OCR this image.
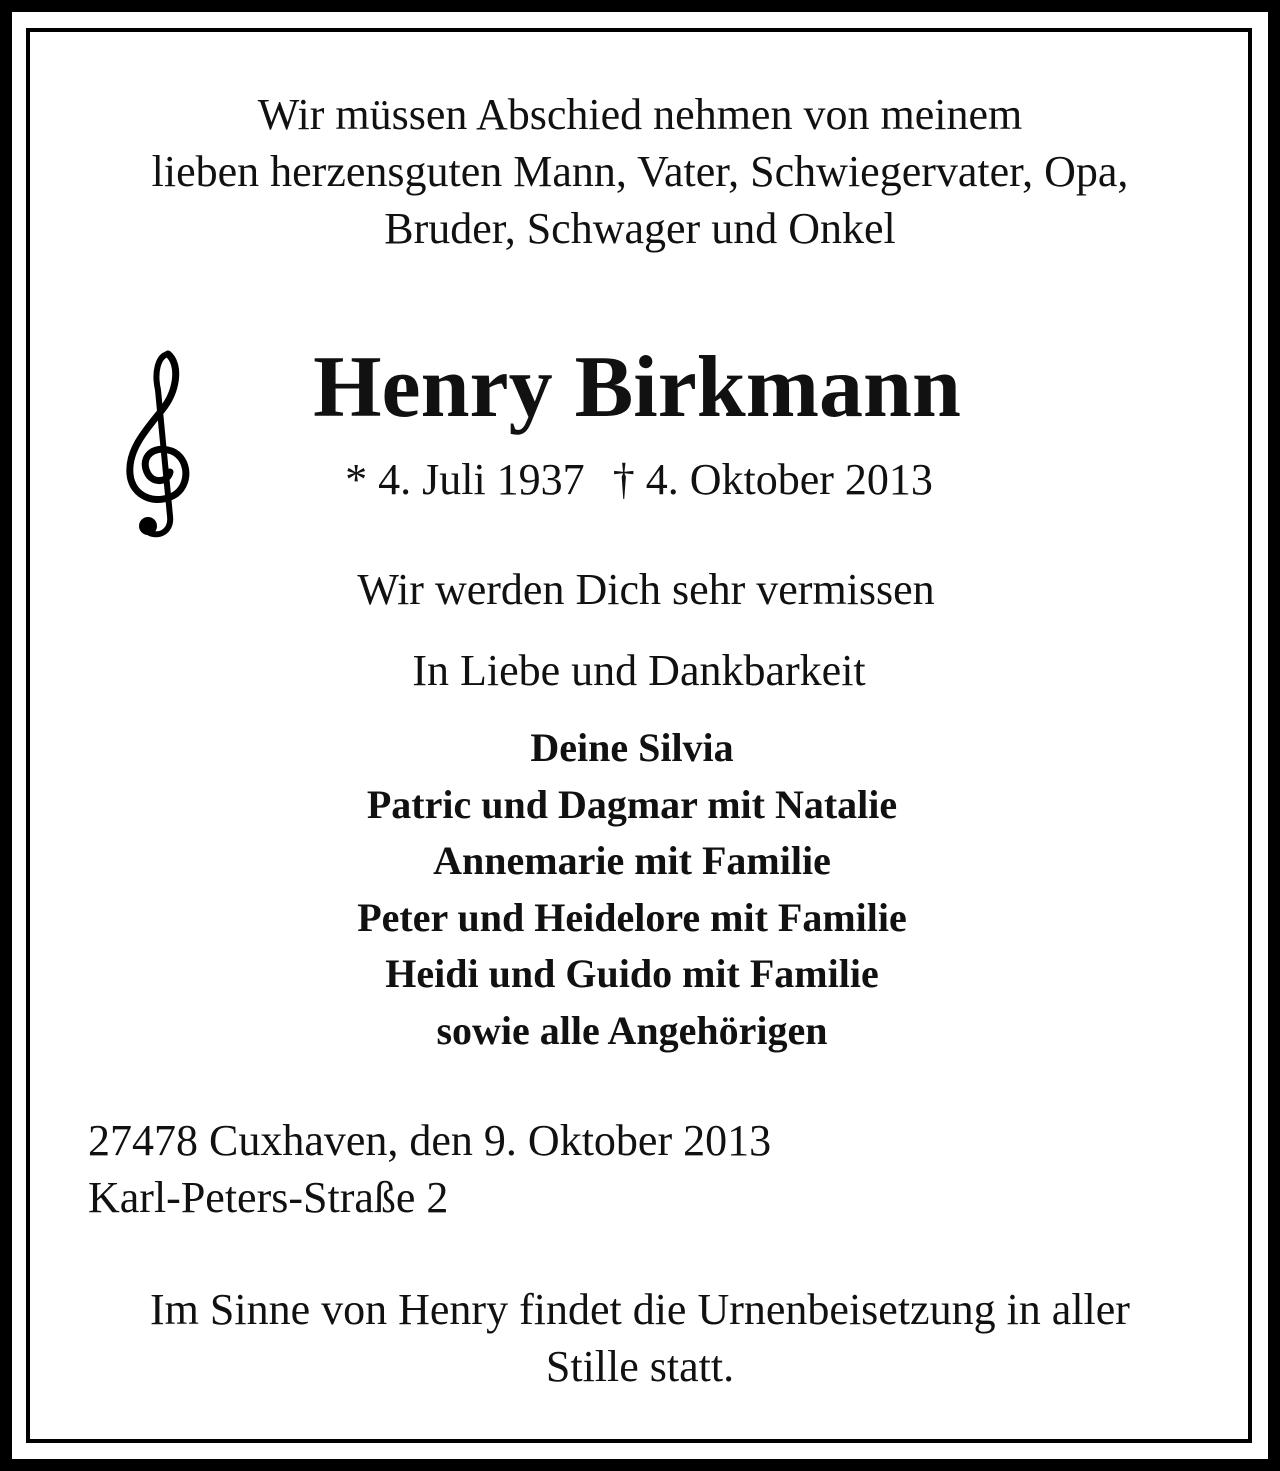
Wir müssen Abschied nehmen von meinem
lieben herzensguten Mann, Vater, Schwiegervater, Opa,
Bruder, Schwager und Onkel
Henry Birkmann
* 4. Juli 1937 † 4. Oktober 2013
Wir werden Dich sehr vermissen
In Liebe und Dankbarkeit
Deine Silvia
Patric und Dagmar mit Natalie
Annemarie mit Familie
Peter und Heidelore mit Familie
Heidi und Guido mit Familie
sowie alle Angehörigen
27478 Cuxhaven, den 9. Oktober 2013
Karl-Peters-Straße 2
Im Sinne von Henry findet die Urnenbeisetzung in aller
Stille statt.
